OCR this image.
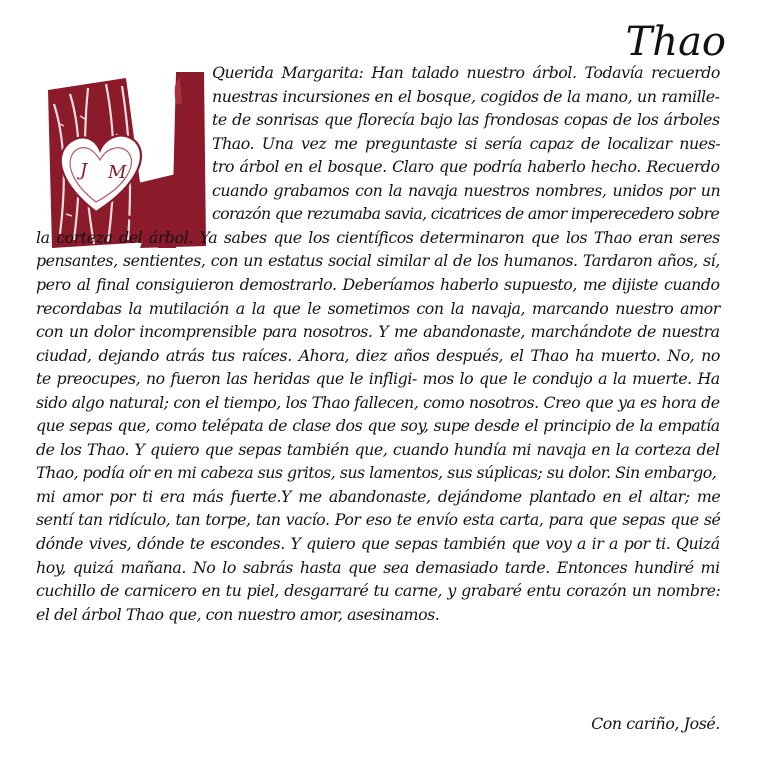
Thao
J M
Querida Margarita: Han talado nuestro árbol. Todavía recuerdo
nuestras incursiones en el bosque, cogidos de la mano, un ramille-
te de sonrisas que florecía bajo las frondosas copas de los árboles
Thao. Una vez me preguntaste si sería capaz de localizar nues-
tro árbol en el bosque. Claro que podría haberlo hecho. Recuerdo
cuando grabamos con la navaja nuestros nombres, unidos por un
corazón que rezumaba savia, cicatrices de amor imperecedero sobre
la corteza del árbol. Ya sabes que los científicos determinaron que los Thao eran seres
pensantes, sentientes, con un estatus social similar al de los humanos. Tardaron años, sí,
pero al final consiguieron demostrarlo. Deberíamos haberlo supuesto, me dijiste cuando
recordabas la mutilación a la que le sometimos con la navaja, marcando nuestro amor
con un dolor incomprensible para nosotros. Y me abandonaste, marchándote de nuestra
ciudad, dejando atrás tus raíces. Ahora, diez años después, el Thao ha muerto. No, no
te preocupes, no fueron las heridas que le infligi- mos lo que le condujo a la muerte. Ha
sido algo natural; con el tiempo, los Thao fallecen, como nosotros. Creo que ya es hora de
que sepas que, como telépata de clase dos que soy, supe desde el principio de la empatía
de los Thao. Y quiero que sepas también que, cuando hundía mi navaja en la corteza del
Thao, podía oír en mi cabeza sus gritos, sus lamentos, sus súplicas; su dolor. Sin embargo,
mi amor por ti era más fuerte.Y me abandonaste, dejándome plantado en el altar; me
sentí tan ridículo, tan torpe, tan vacío. Por eso te envío esta carta, para que sepas que sé
dónde vives, dónde te escondes. Y quiero que sepas también que voy a ir a por ti. Quizá
hoy, quizá mañana. No lo sabrás hasta que sea demasiado tarde. Entonces hundiré mi
cuchillo de carnicero en tu piel, desgarraré tu carne, y grabaré entu corazón un nombre:
el del árbol Thao que, con nuestro amor, asesinamos.
Con cariño, José.
